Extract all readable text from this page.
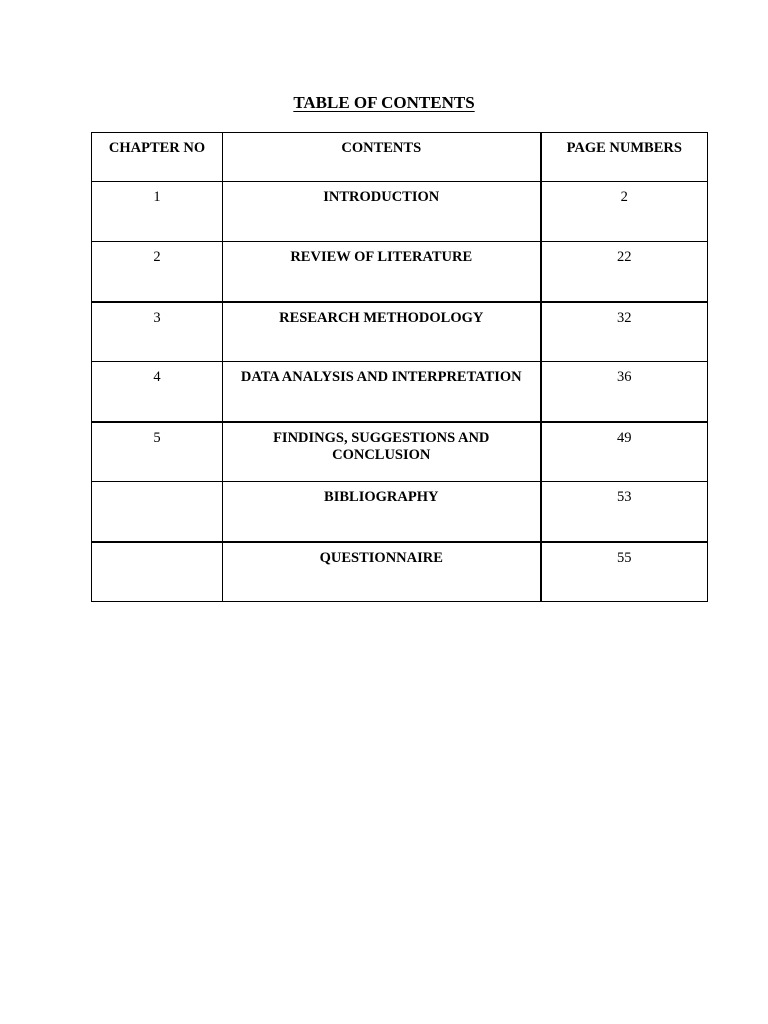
TABLE OF CONTENTS
CHAPTER NO	CONTENTS	PAGE NUMBERS
1	INTRODUCTION	2
2	REVIEW OF LITERATURE	22
3	RESEARCH METHODOLOGY	32
4	DATA ANALYSIS AND INTERPRETATION	36
5	FINDINGS, SUGGESTIONS AND CONCLUSION	49
	BIBLIOGRAPHY	53
	QUESTIONNAIRE	55
